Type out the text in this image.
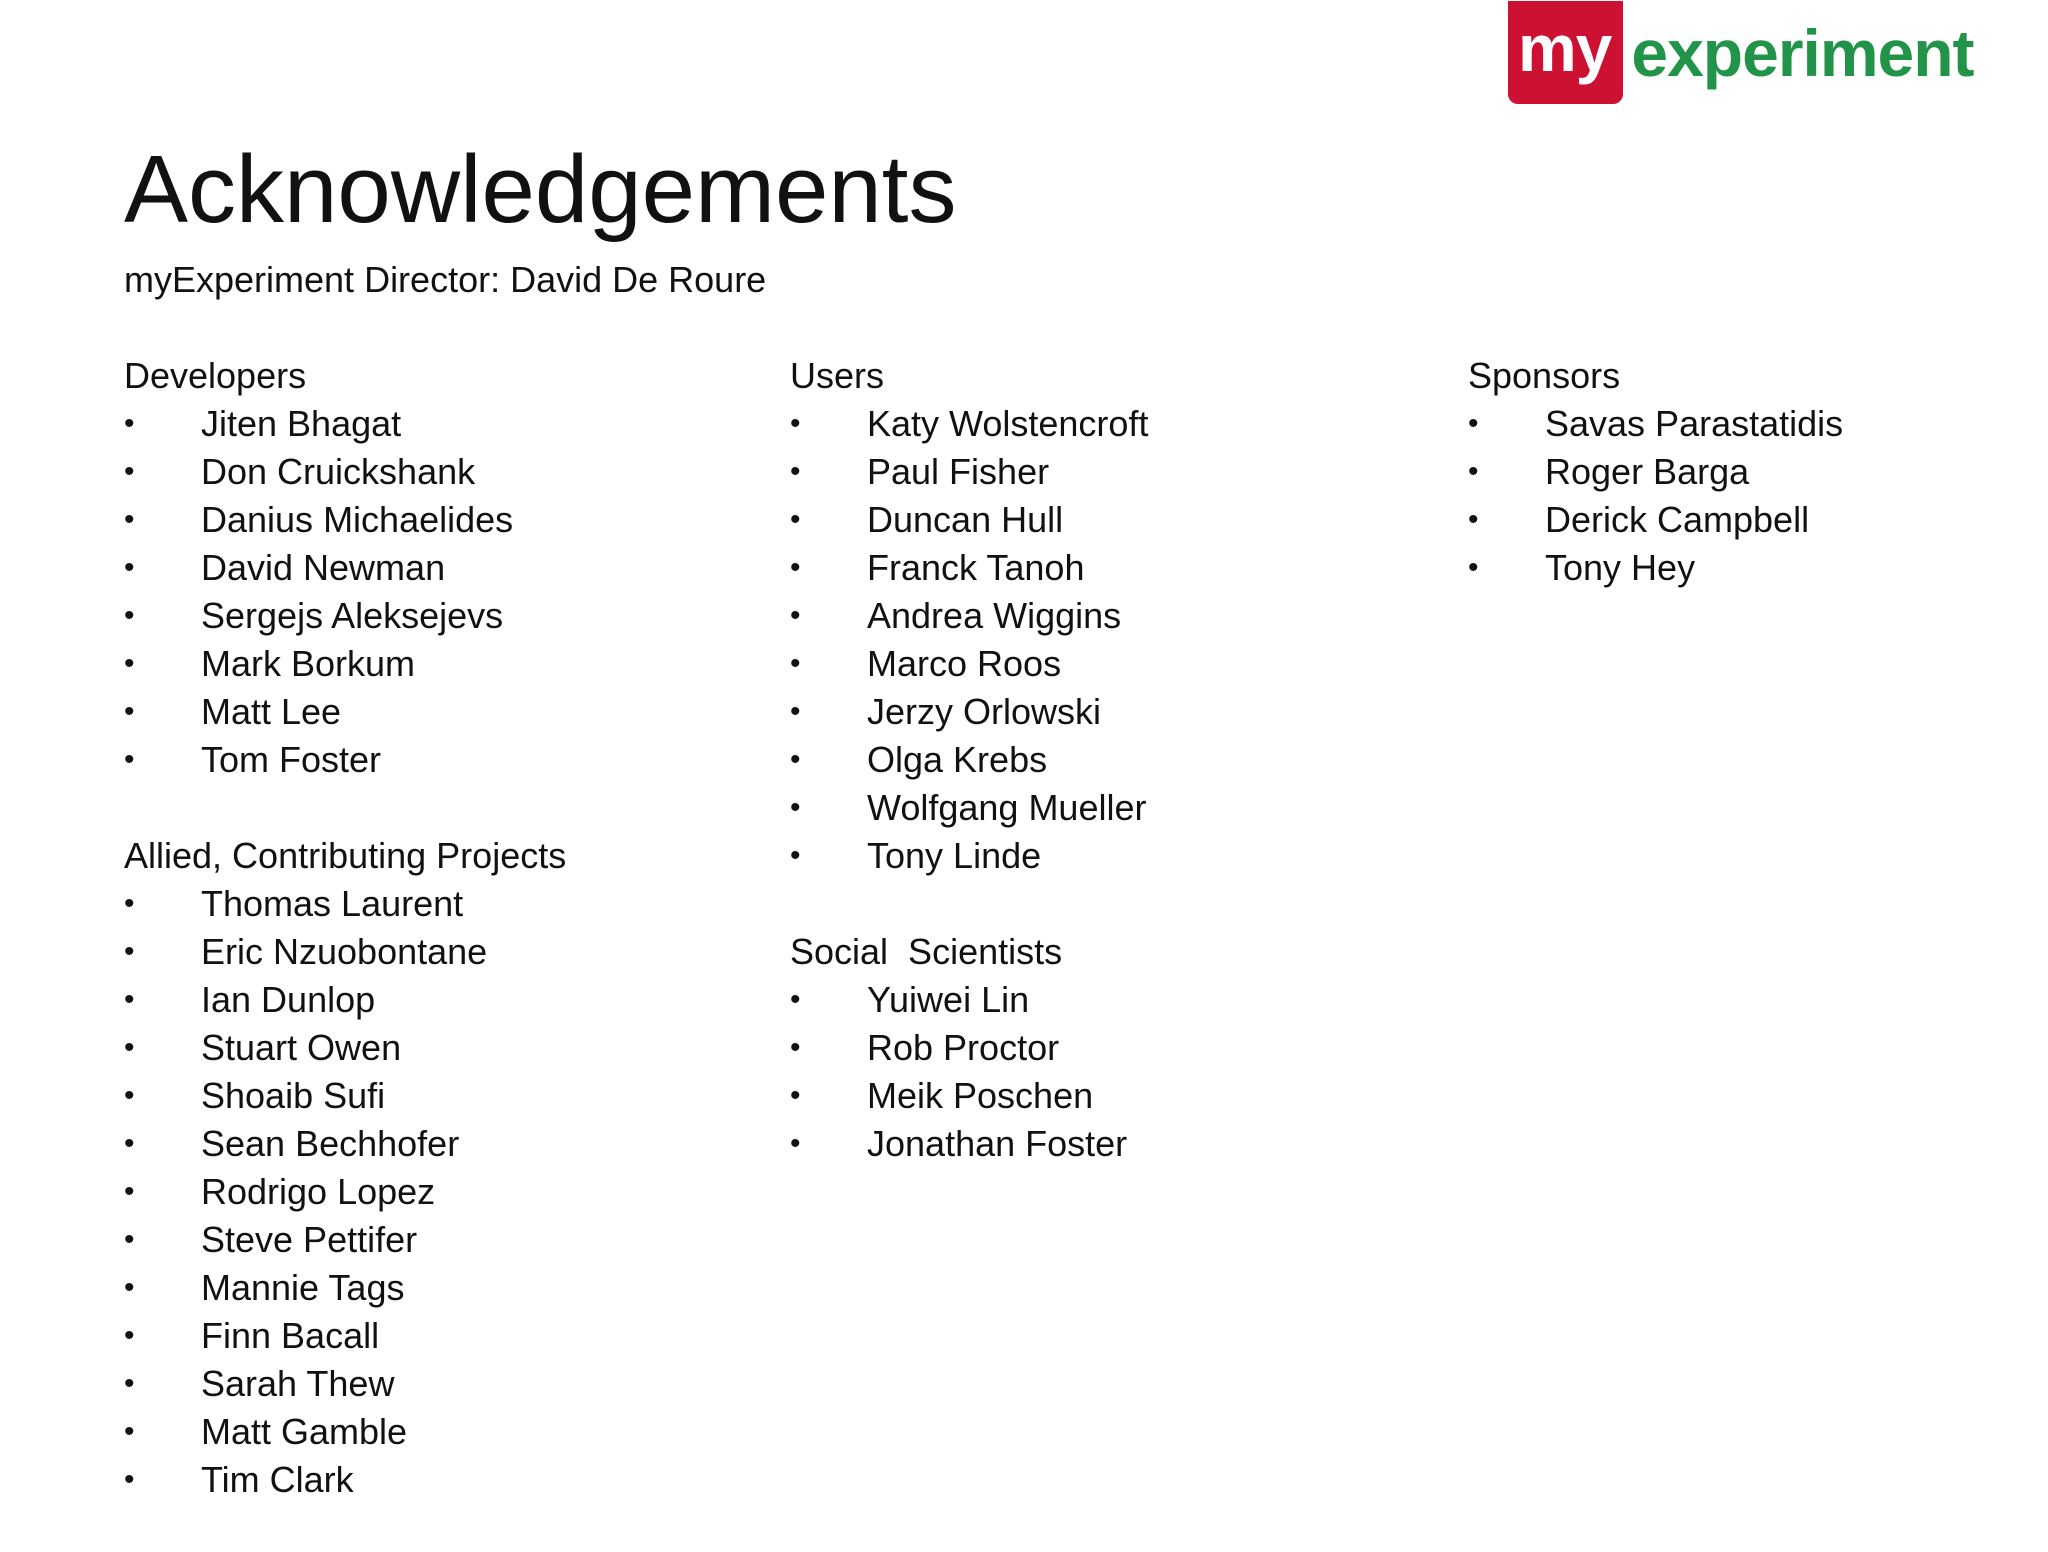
my experiment
Acknowledgements

myExperiment Director: David De Roure

Developers
• Jiten Bhagat
• Don Cruickshank
• Danius Michaelides
• David Newman
• Sergejs Aleksejevs
• Mark Borkum
• Matt Lee
• Tom Foster
Allied, Contributing Projects
• Thomas Laurent
• Eric Nzuobontane
• Ian Dunlop
• Stuart Owen
• Shoaib Sufi
• Sean Bechhofer
• Rodrigo Lopez
• Steve Pettifer
• Mannie Tags
• Finn Bacall
• Sarah Thew
• Matt Gamble
• Tim Clark
Users
• Katy Wolstencroft
• Paul Fisher
• Duncan Hull
• Franck Tanoh
• Andrea Wiggins
• Marco Roos
• Jerzy Orlowski
• Olga Krebs
• Wolfgang Mueller
• Tony Linde
Social  Scientists
• Yuiwei Lin
• Rob Proctor
• Meik Poschen
• Jonathan Foster
Sponsors
• Savas Parastatidis
• Roger Barga
• Derick Campbell
• Tony Hey
